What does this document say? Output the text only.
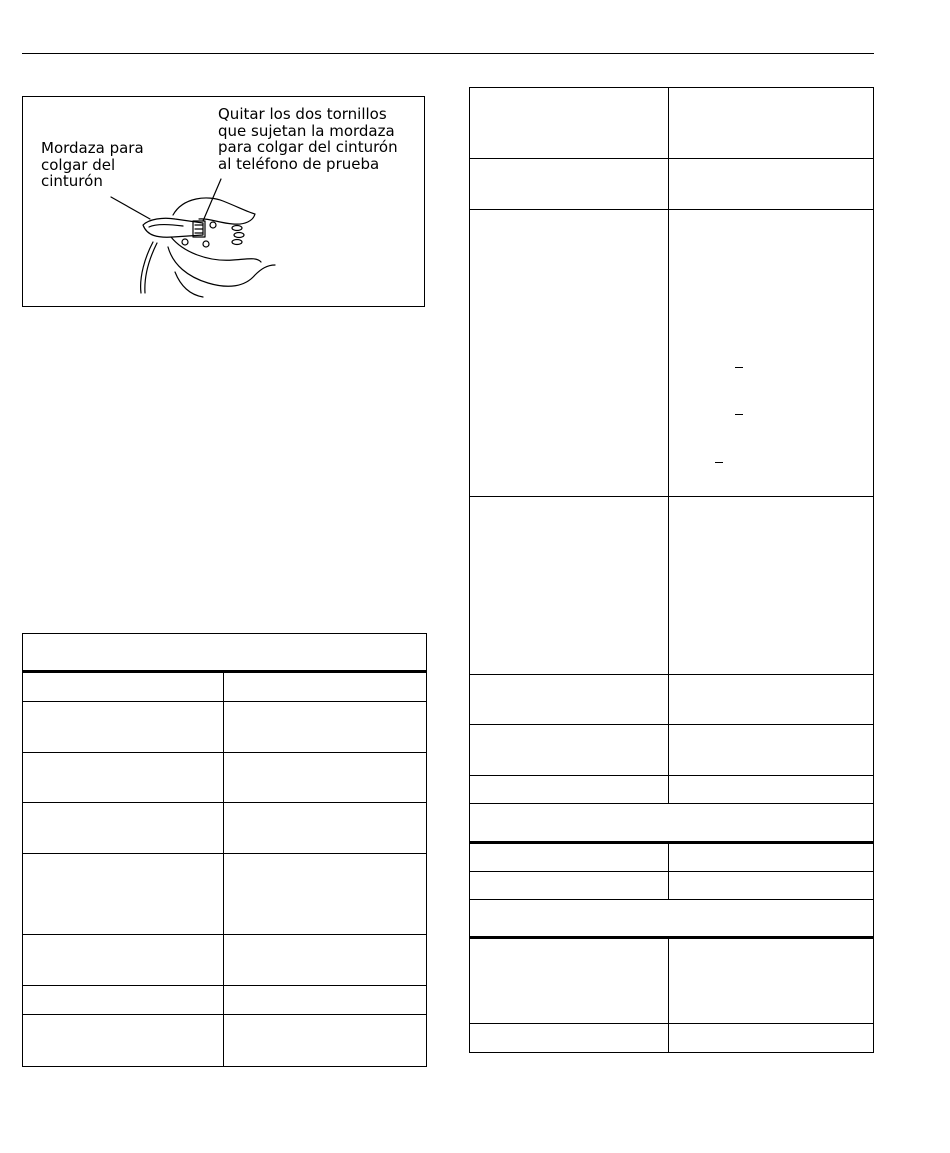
Mordaza para
colgar del
cinturón

Quitar los dos tornillos
que sujetan la mordaza
para colgar del cinturón
al teléfono de prueba
